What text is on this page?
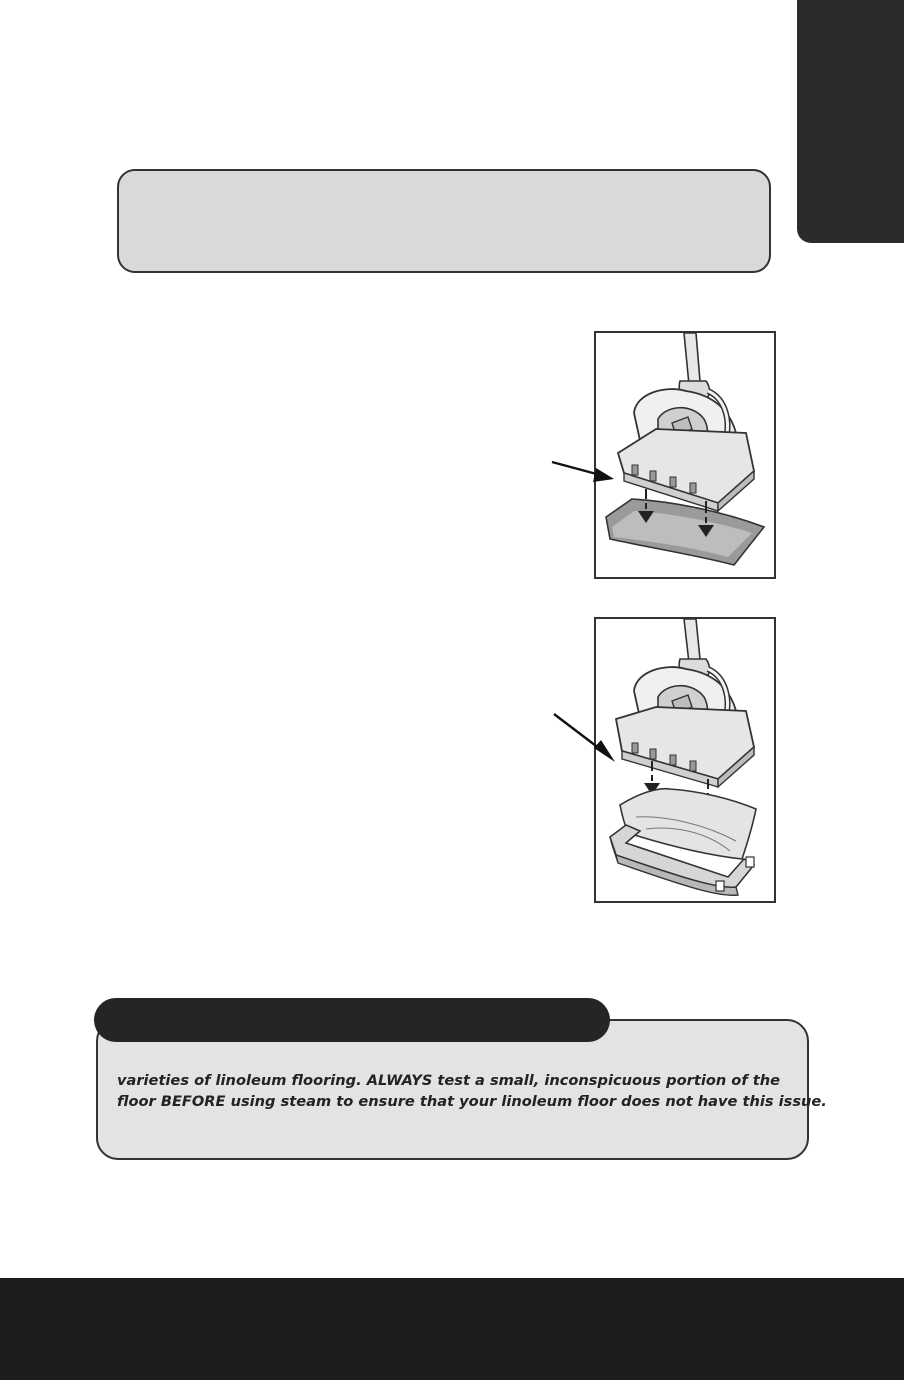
varieties of linoleum flooring. ALWAYS test a small, inconspicuous portion of the
floor BEFORE using steam to ensure that your linoleum floor does not have this issue.
